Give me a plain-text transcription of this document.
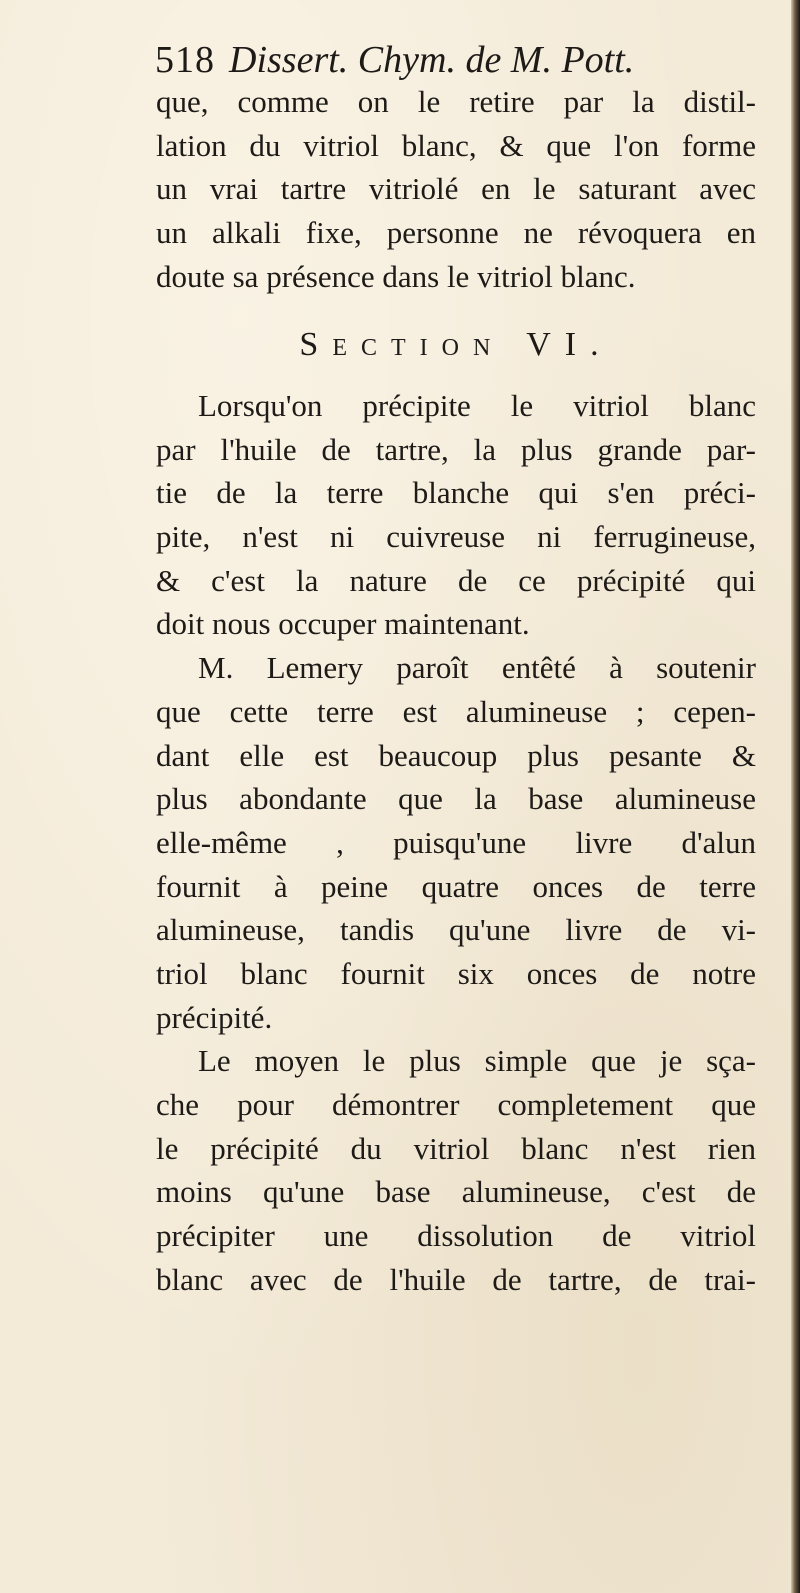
518 Dissert. Chym. de M. Pott.
que, comme on le retire par la distil-
lation du vitriol blanc, & que l'on forme
un vrai tartre vitriolé en le saturant avec
un alkali fixe, personne ne révoquera en
doute sa présence dans le vitriol blanc.
Section VI.
Lorsqu'on précipite le vitriol blanc
par l'huile de tartre, la plus grande par-
tie de la terre blanche qui s'en préci-
pite, n'est ni cuivreuse ni ferrugineuse,
& c'est la nature de ce précipité qui
doit nous occuper maintenant.
M. Lemery paroît entêté à soutenir
que cette terre est alumineuse ; cepen-
dant elle est beaucoup plus pesante &
plus abondante que la base alumineuse
elle-même , puisqu'une livre d'alun
fournit à peine quatre onces de terre
alumineuse, tandis qu'une livre de vi-
triol blanc fournit six onces de notre
précipité.
Le moyen le plus simple que je sça-
che pour démontrer completement que
le précipité du vitriol blanc n'est rien
moins qu'une base alumineuse, c'est de
précipiter une dissolution de vitriol
blanc avec de l'huile de tartre, de trai-
